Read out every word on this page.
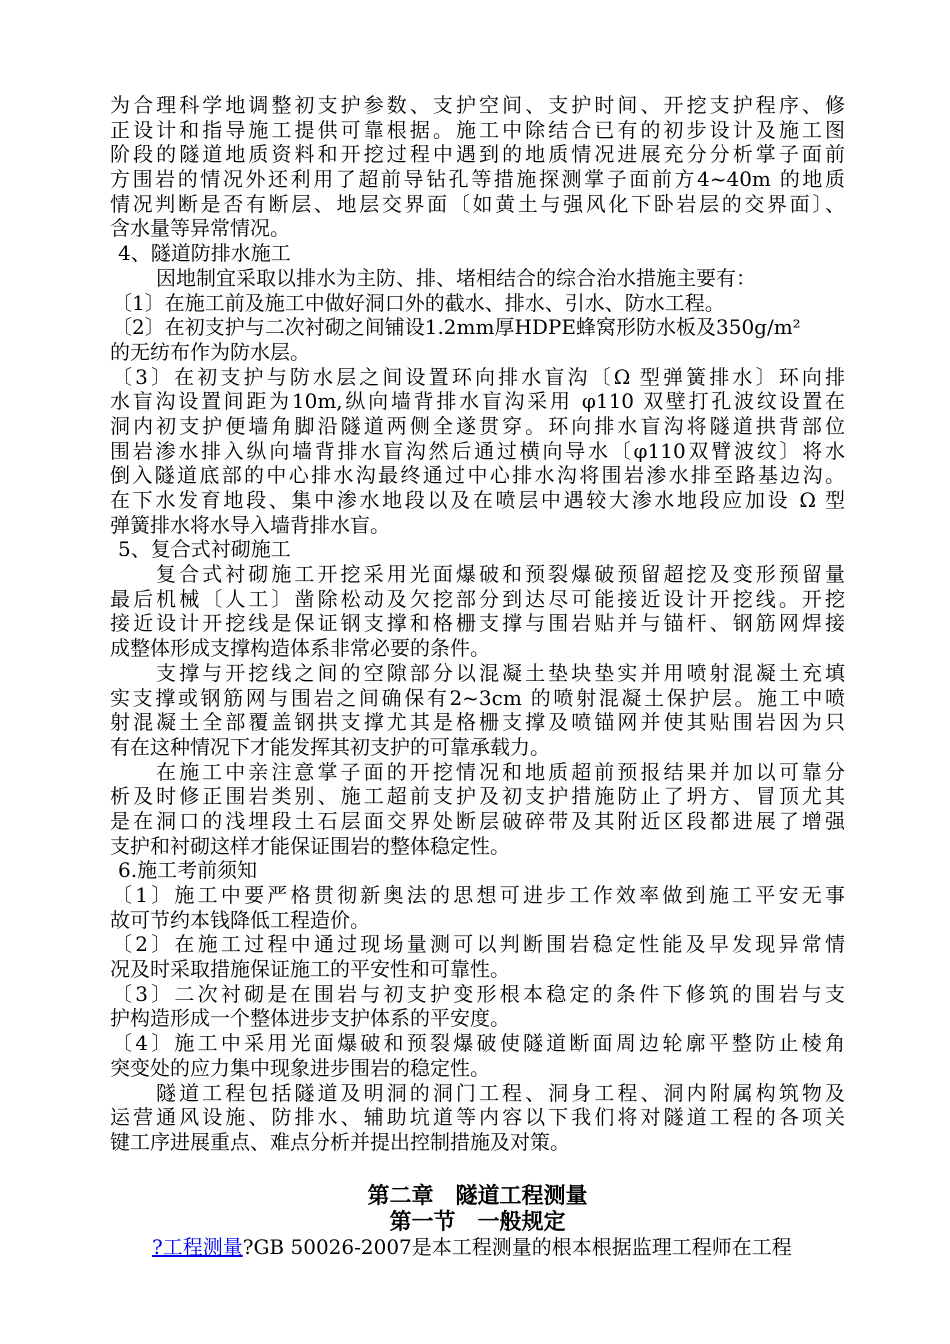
为合理科学地调整初支护参数、支护空间、支护时间、开挖支护程序、修
正设计和指导施工提供可靠根据。施工中除结合已有的初步设计及施工图
阶段的隧道地质资料和开挖过程中遇到的地质情况进展充分分析掌子面前
方围岩的情况外还利用了超前导钻孔等措施探测掌子面前方4~40m 的地质
情况判断是否有断层、地层交界面〔如黄土与强风化下卧岩层的交界面〕、
含水量等异常情况。
4、隧道防排水施工
因地制宜采取以排水为主防、排、堵相结合的综合治水措施主要有：
〔1〕在施工前及施工中做好洞口外的截水、排水、引水、防水工程。
〔2〕在初支护与二次衬砌之间铺设1.2mm厚HDPE蜂窝形防水板及350g/m²
的无纺布作为防水层。
〔3〕在初支护与防水层之间设置环向排水盲沟〔Ω 型弹簧排水〕环向排
水盲沟设置间距为10m,纵向墙背排水盲沟采用 φ110 双壁打孔波纹设置在
洞内初支护便墙角脚沿隧道两侧全遂贯穿。环向排水盲沟将隧道拱背部位
围岩渗水排入纵向墙背排水盲沟然后通过横向导水〔φ110双臂波纹〕将水
倒入隧道底部的中心排水沟最终通过中心排水沟将围岩渗水排至路基边沟。
在下水发育地段、集中渗水地段以及在喷层中遇较大渗水地段应加设 Ω 型
弹簧排水将水导入墙背排水盲。
5、复合式衬砌施工
复合式衬砌施工开挖采用光面爆破和预裂爆破预留超挖及变形预留量
最后机械〔人工〕凿除松动及欠挖部分到达尽可能接近设计开挖线。开挖
接近设计开挖线是保证钢支撑和格栅支撑与围岩贴并与锚杆、钢筋网焊接
成整体形成支撑构造体系非常必要的条件。
支撑与开挖线之间的空隙部分以混凝土垫块垫实并用喷射混凝土充填
实支撑或钢筋网与围岩之间确保有2~3cm 的喷射混凝土保护层。施工中喷
射混凝土全部覆盖钢拱支撑尤其是格栅支撑及喷锚网并使其贴围岩因为只
有在这种情况下才能发挥其初支护的可靠承载力。
在施工中亲注意掌子面的开挖情况和地质超前预报结果并加以可靠分
析及时修正围岩类别、施工超前支护及初支护措施防止了坍方、冒顶尤其
是在洞口的浅埋段土石层面交界处断层破碎带及其附近区段都进展了增强
支护和衬砌这样才能保证围岩的整体稳定性。
6.施工考前须知
〔1〕施工中要严格贯彻新奥法的思想可进步工作效率做到施工平安无事
故可节约本钱降低工程造价。
〔2〕在施工过程中通过现场量测可以判断围岩稳定性能及早发现异常情
况及时采取措施保证施工的平安性和可靠性。
〔3〕二次衬砌是在围岩与初支护变形根本稳定的条件下修筑的围岩与支
护构造形成一个整体进步支护体系的平安度。
〔4〕施工中采用光面爆破和预裂爆破使隧道断面周边轮廓平整防止棱角
突变处的应力集中现象进步围岩的稳定性。
隧道工程包括隧道及明洞的洞门工程、洞身工程、洞内附属构筑物及
运营通风设施、防排水、辅助坑道等内容以下我们将对隧道工程的各项关
键工序进展重点、难点分析并提出控制措施及对策。
第二章　隧道工程测量
第一节　一般规定
?工程测量?GB 50026-2007是本工程测量的根本根据监理工程师在工程
